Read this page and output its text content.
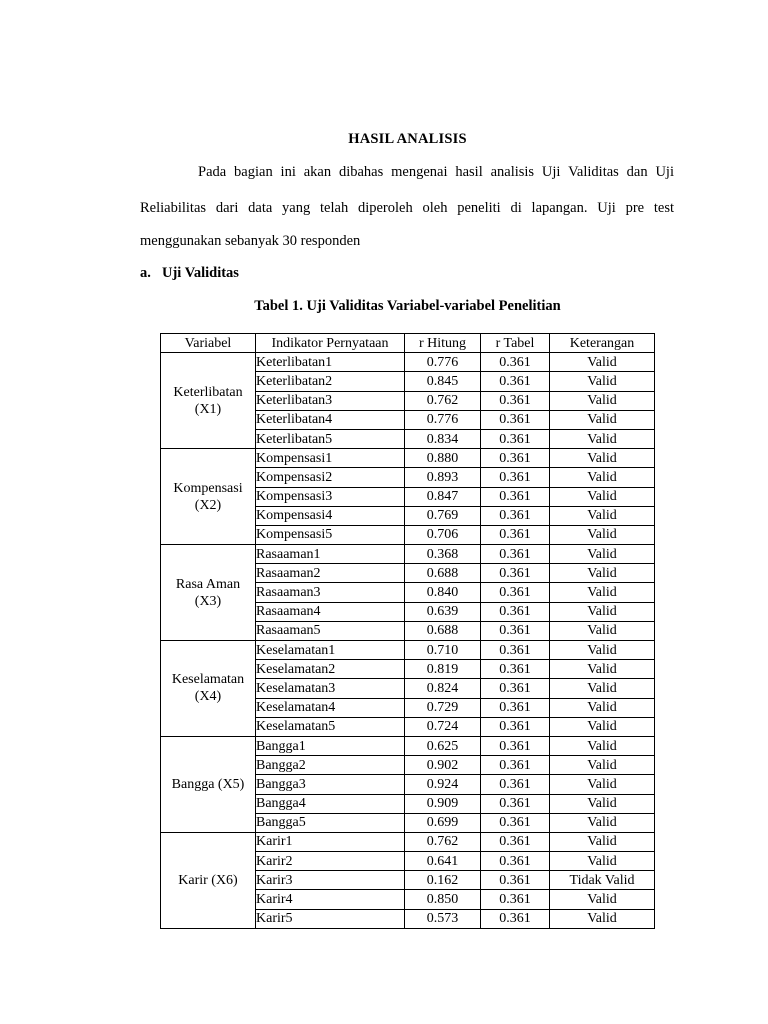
HASIL ANALISIS
Pada bagian ini akan dibahas mengenai hasil analisis Uji Validitas dan Uji
Reliabilitas dari data yang telah diperoleh oleh peneliti di lapangan. Uji pre test
menggunakan sebanyak 30 responden
a. Uji Validitas
Tabel 1. Uji Validitas Variabel-variabel Penelitian
Variabel	Indikator Pernyataan	r Hitung	r Tabel	Keterangan

Keterlibatan
(X1)	Keterlibatan1	0.776	0.361	Valid
	Keterlibatan2	0.845	0.361	Valid
	Keterlibatan3	0.762	0.361	Valid
	Keterlibatan4	0.776	0.361	Valid
	Keterlibatan5	0.834	0.361	Valid

Kompensasi
(X2)	Kompensasi1	0.880	0.361	Valid
	Kompensasi2	0.893	0.361	Valid
	Kompensasi3	0.847	0.361	Valid
	Kompensasi4	0.769	0.361	Valid
	Kompensasi5	0.706	0.361	Valid

Rasa Aman
(X3)	Rasaaman1	0.368	0.361	Valid
	Rasaaman2	0.688	0.361	Valid
	Rasaaman3	0.840	0.361	Valid
	Rasaaman4	0.639	0.361	Valid
	Rasaaman5	0.688	0.361	Valid

Keselamatan
(X4)	Keselamatan1	0.710	0.361	Valid
	Keselamatan2	0.819	0.361	Valid
	Keselamatan3	0.824	0.361	Valid
	Keselamatan4	0.729	0.361	Valid
	Keselamatan5	0.724	0.361	Valid

Bangga (X5)	Bangga1	0.625	0.361	Valid
	Bangga2	0.902	0.361	Valid
	Bangga3	0.924	0.361	Valid
	Bangga4	0.909	0.361	Valid
	Bangga5	0.699	0.361	Valid

Karir (X6)	Karir1	0.762	0.361	Valid
	Karir2	0.641	0.361	Valid
	Karir3	0.162	0.361	Tidak Valid
	Karir4	0.850	0.361	Valid
	Karir5	0.573	0.361	Valid
